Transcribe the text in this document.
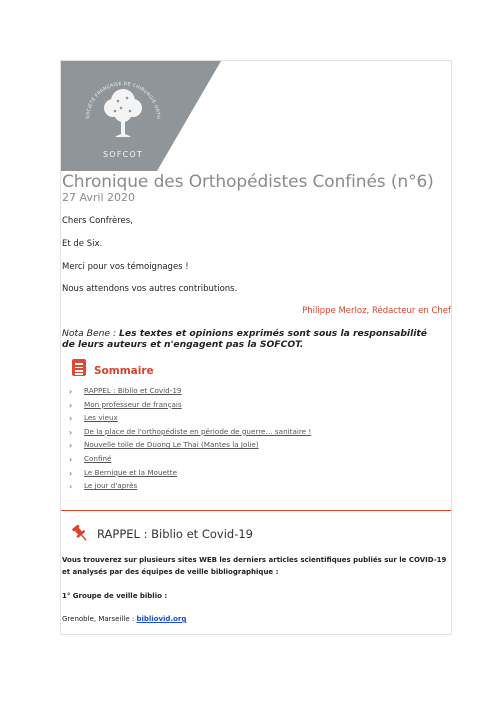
SOCIÉTÉ FRANÇAISE DE CHIRURGIE ORTH
SOFCOT
Chronique des Orthopédistes Confinés (n°6)
27 Avril 2020
Chers Confrères,
Et de Six.
Merci pour vos témoignages !
Nous attendons vos autres contributions.
Philippe Merloz, Rédacteur en Chef
Nota Bene : Les textes et opinions exprimés sont sous la responsabilité de leurs auteurs et n'engagent pas la SOFCOT.
Sommaire
› RAPPEL : Biblio et Covid-19
› Mon professeur de français
› Les vieux
› De la place de l'orthopédiste en période de guerre… sanitaire !
› Nouvelle toile de Duong Le Thai (Mantes la Jolie)
› Confiné
› Le Bernique et la Mouette
› Le jour d'après
RAPPEL : Biblio et Covid-19
Vous trouverez sur plusieurs sites WEB les derniers articles scientifiques publiés sur le COVID-19 et analysés par des équipes de veille bibliographique :
1° Groupe de veille biblio :
Grenoble, Marseille : bibliovid.org
